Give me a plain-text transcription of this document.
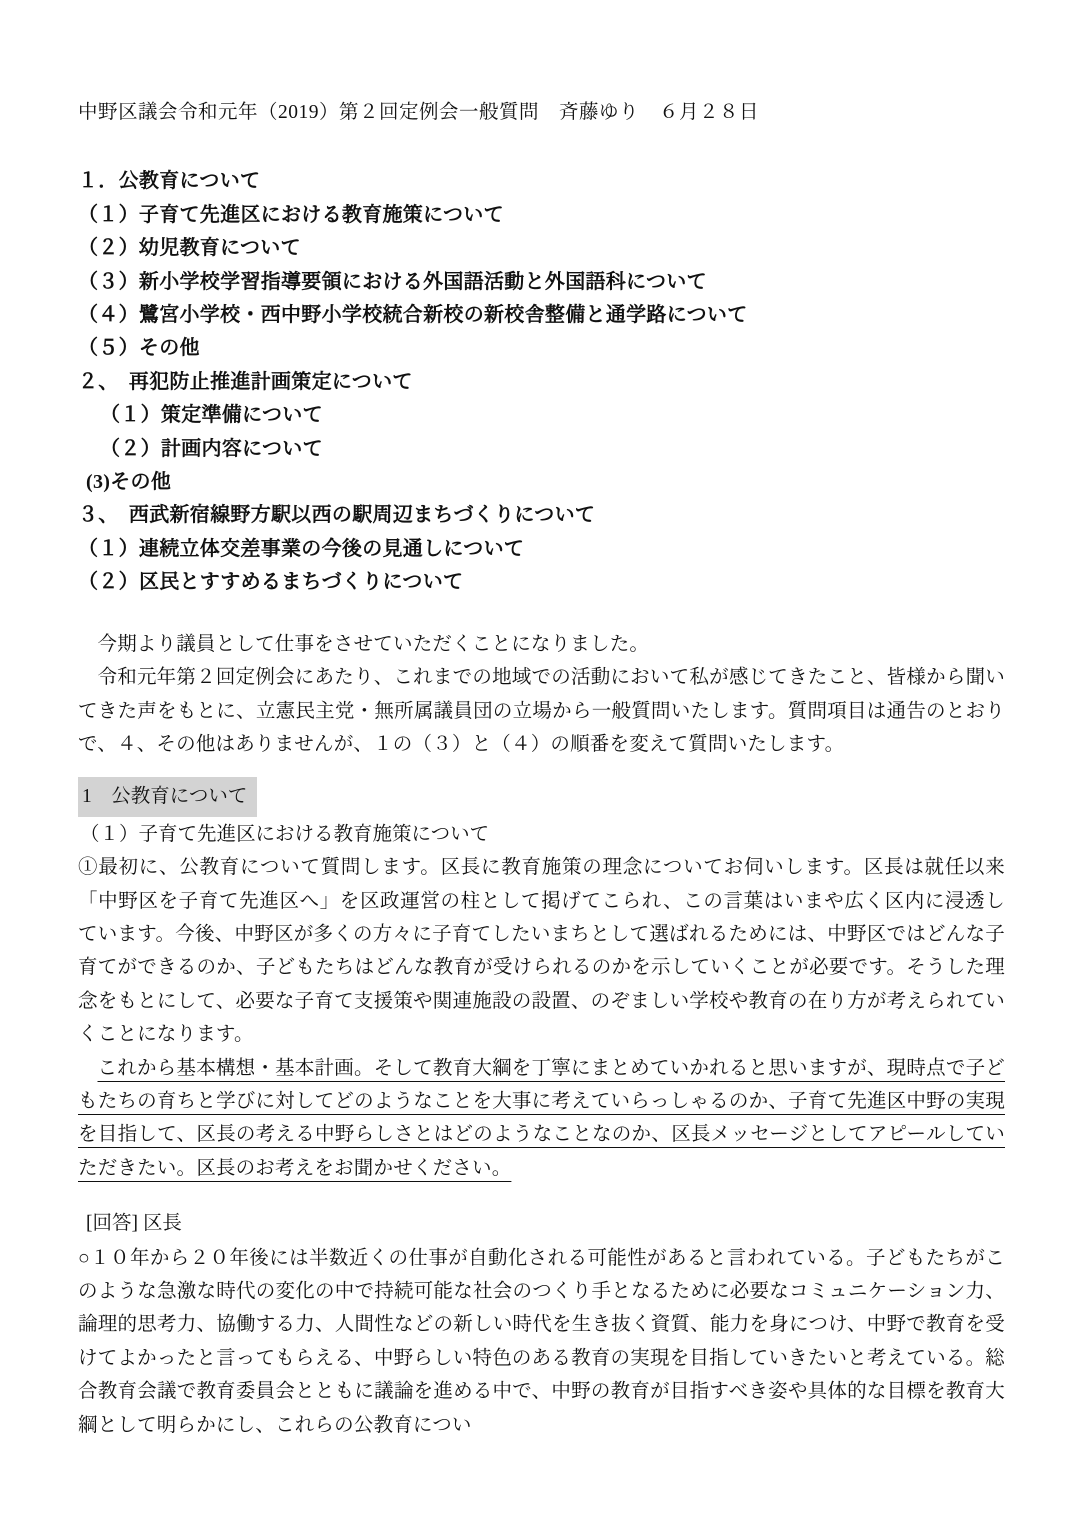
中野区議会令和元年（2019）第２回定例会一般質問　斉藤ゆり　６月２８日
１．公教育について
（１）子育て先進区における教育施策について
（２）幼児教育について
（３）新小学校学習指導要領における外国語活動と外国語科について
（４）鷺宮小学校・西中野小学校統合新校の新校舎整備と通学路について
（５）その他
２、　再犯防止推進計画策定について
（１）策定準備について
（２）計画内容について
(3)その他
３、　西武新宿線野方駅以西の駅周辺まちづくりについて
（１）連続立体交差事業の今後の見通しについて
（２）区民とすすめるまちづくりについて

今期より議員として仕事をさせていただくことになりました。

令和元年第２回定例会にあたり、これまでの地域での活動において私が感じてきたこと、皆様から聞いてきた声をもとに、立憲民主党・無所属議員団の立場から一般質問いたします。質問項目は通告のとおりで、４、その他はありませんが、１の（３）と（４）の順番を変えて質問いたします。

1　公教育について
（１）子育て先進区における教育施策について

①最初に、公教育について質問します。区長に教育施策の理念についてお伺いします。区長は就任以来「中野区を子育て先進区へ」を区政運営の柱として掲げてこられ、この言葉はいまや広く区内に浸透しています。今後、中野区が多くの方々に子育てしたいまちとして選ばれるためには、中野区ではどんな子育てができるのか、子どもたちはどんな教育が受けられるのかを示していくことが必要です。そうした理念をもとにして、必要な子育て支援策や関連施設の設置、のぞましい学校や教育の在り方が考えられていくことになります。

これから基本構想・基本計画。そして教育大綱を丁寧にまとめていかれると思いますが、現時点で子どもたちの育ちと学びに対してどのようなことを大事に考えていらっしゃるのか、子育て先進区中野の実現を目指して、区長の考える中野らしさとはどのようなことなのか、区長メッセージとしてアピールしていただきたい。区長のお考えをお聞かせください。

[回答] 区長

○１０年から２０年後には半数近くの仕事が自動化される可能性があると言われている。子どもたちがこのような急激な時代の変化の中で持続可能な社会のつくり手となるために必要なコミュニケーション力、論理的思考力、協働する力、人間性などの新しい時代を生き抜く資質、能力を身につけ、中野で教育を受けてよかったと言ってもらえる、中野らしい特色のある教育の実現を目指していきたいと考えている。総合教育会議で教育委員会とともに議論を進める中で、中野の教育が目指すべき姿や具体的な目標を教育大綱として明らかにし、これらの公教育につい
